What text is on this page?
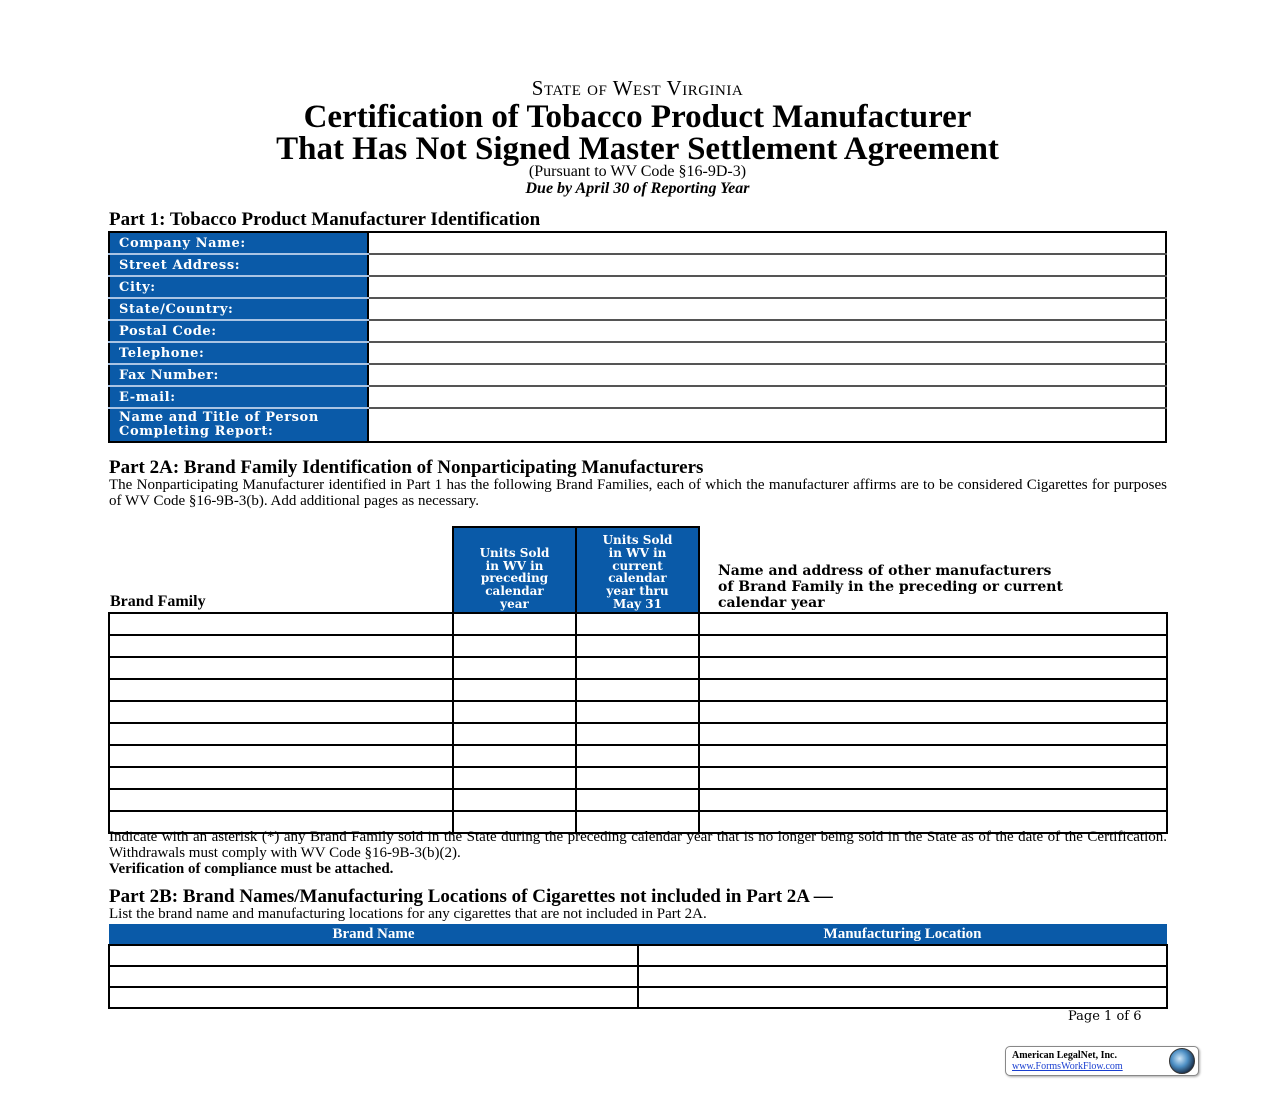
State of West Virginia
Certification of Tobacco Product Manufacturer
That Has Not Signed Master Settlement Agreement
(Pursuant to WV Code §16-9D-3)
Due by April 30 of Reporting Year
Part 1: Tobacco Product Manufacturer Identification
Company Name:	
Street Address:	
City:	
State/Country:	
Postal Code:	
Telephone:	
Fax Number:	
E-mail:	
Name and Title of Person
Completing Report:	
Part 2A: Brand Family Identification of Nonparticipating Manufacturers
The Nonparticipating Manufacturer identified in Part 1 has the following Brand Families, each of which the manufacturer affirms are to be considered Cigarettes for purposes of WV Code §16-9B-3(b). Add additional pages as necessary.
Brand Family	Units Sold
in WV in
preceding
calendar
year	Units Sold
in WV in
current
calendar
year thru
May 31	Name and address of other manufacturers
of Brand Family in the preceding or current
calendar year

Indicate with an asterisk (*) any Brand Family sold in the State during the preceding calendar year that is no longer being sold in the State as of the date of the Certification. Withdrawals must comply with WV Code §16-9B-3(b)(2).
Verification of compliance must be attached.
Part 2B: Brand Names/Manufacturing Locations of Cigarettes not included in Part 2A —
List the brand name and manufacturing locations for any cigarettes that are not included in Part 2A.
Brand Name	Manufacturing Location

Page 1 of 6
American LegalNet, Inc.
www.FormsWorkFlow.com
